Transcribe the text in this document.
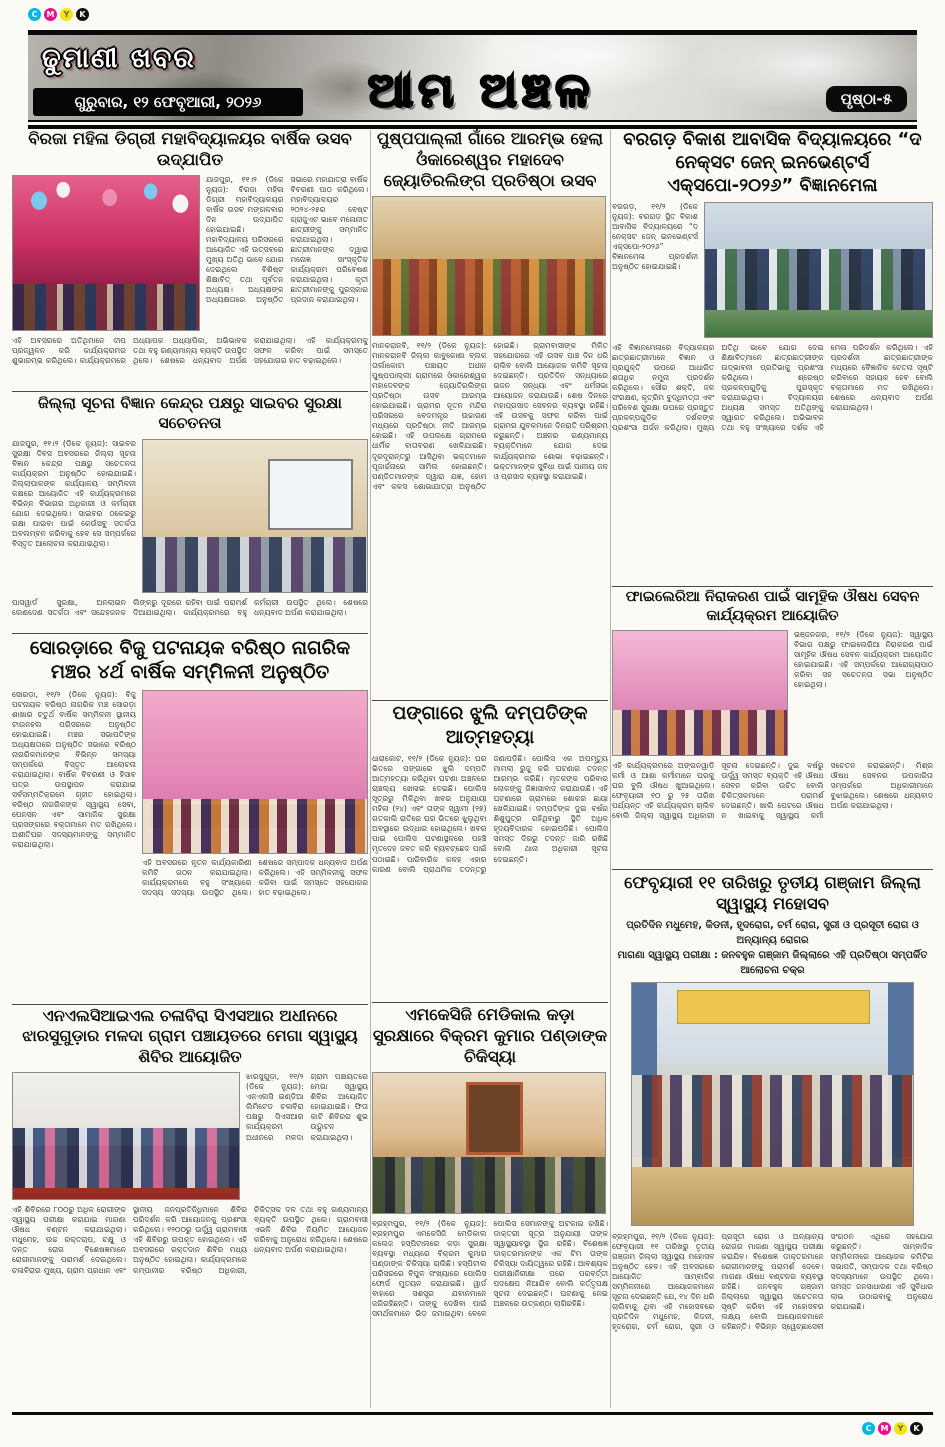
C	M	Y	K
ଢୁମାଣୀ ଖବର
ଗୁରୁବାର, ୧୨ ଫେବୃଆରୀ, ୨୦୨୬	ଆମ ଅଞ୍ଚଳ	ପୃଷ୍ଠା-୫
ବିରଜା ମହିଳା ଡିଗ୍ରୀ ମହାବିଦ୍ୟାଳୟର ବାର୍ଷିକ ଉସବ ଉଦ୍ଯାପିତ
ଯାଜପୁର, ୧୧।୨ (ଡିକେ ନ୍ୟୁଜ): ବିରଜା ମହିଳା ଡିଗ୍ରୀ ମହାବିଦ୍ୟାଳୟର ବାର୍ଷିକ ଉସବ ମଙ୍ଗଳବାର ଦିନ ଉଦ୍ଯାପିତ ହୋଇଯାଇଛି। ମହାବିଦ୍ୟାଳୟ ପରିସରରେ ଆୟୋଜିତ ଏହି ଉତ୍ସବରେ ମୁଖ୍ୟ ଅତିଥି ଭାବେ ଯୋଗ ଦେଇଥିଲେ ବିଶିଷ୍ଟ ଶିକ୍ଷାବିତ୍ ତଥା ପୂର୍ବତନ ଅଧ୍ୟକ୍ଷ। ଅଧ୍ୟକ୍ଷଙ୍କ ଅଧ୍ୟକ୍ଷତାରେ ଅନୁଷ୍ଠିତ ସଭାରେ ମହାଯାତ୍ରା ବାର୍ଷିକ ବିବରଣୀ ପାଠ କରିଥିଲେ। ମହାବିଦ୍ୟାଳୟର ୨୦୨୪-୨୫ର ବେଷ୍ଟ ଗ୍ରାଜୁଏଟ ଭାବେ ମନୋନୀତ ଛାତ୍ରୀଙ୍କୁ ସମ୍ମାନିତ କରାଯାଇଥିଲା। ଛାତ୍ରୀମାନଙ୍କ ଦ୍ୱାରା ମନୋଜ୍ଞ ସାଂସ୍କୃତିକ କାର୍ଯ୍ୟକ୍ରମ ପରିବେଷଣ କରାଯାଇଥିଲା। କୃତୀ ଛାତ୍ରୀମାନଙ୍କୁ ପୁରସ୍କାର ପ୍ରଦାନ କରାଯାଇଥିଲା।
ଏହି ଅବସରରେ ଅତିଥିମାନେ ଦୀପ ପ୍ରଜ୍ୱଳନ କରି କାର୍ଯ୍ୟକ୍ରମର ଶୁଭାରମ୍ଭ କରିଥିଲେ। କାର୍ଯ୍ୟକ୍ରମରେ ଅଧ୍ୟାପକ ଅଧ୍ୟାପିକା, ଅଭିଭାବକ ତଥା ବହୁ ଗଣ୍ୟମାନ୍ୟ ବ୍ୟକ୍ତି ଉପସ୍ଥିତ ଥିଲେ। ଶେଷରେ ଧନ୍ୟବାଦ ଅର୍ପଣ କରାଯାଇଥିଲା। ଏହି କାର୍ଯ୍ୟକ୍ରମକୁ ସଫଳ କରିବା ପାଇଁ ସମସ୍ତେ ସହଯୋଗର ହାତ ବଢ଼ାଇଥିଲେ।
ଜିଲ୍ଲା ସୂଚନା ବିଜ୍ଞାନ କେନ୍ଦ୍ର ପକ୍ଷରୁ ସାଇବର ସୁରକ୍ଷା ସଚେତନତା
ଯାଜପୁର, ୧୧।୨ (ଡିକେ ନ୍ୟୁଜ): ସାଇବର ସୁରକ୍ଷା ଦିବସ ଅବସରରେ ଜିଲ୍ଲା ସୂଚନା ବିଜ୍ଞାନ କେନ୍ଦ୍ର ପକ୍ଷରୁ ସଚେତନତା କାର୍ଯ୍ୟକ୍ରମ ଅନୁଷ୍ଠିତ ହୋଇଯାଇଛି। ଜିଲ୍ଲାପାଳଙ୍କ କାର୍ଯ୍ୟାଳୟ ସମ୍ମିଳନୀ କକ୍ଷରେ ଆୟୋଜିତ ଏହି କାର୍ଯ୍ୟକ୍ରମରେ ବିଭିନ୍ନ ବିଭାଗର ଅଧିକାରୀ ଓ କର୍ମଚାରୀ ଯୋଗ ଦେଇଥିଲେ। ସାଇବର ଠକେଇରୁ ରକ୍ଷା ପାଇବା ପାଇଁ କେଉଁସବୁ ସତର୍କତା ଅବଲମ୍ବନ କରିବାକୁ ହେବ ସେ ସମ୍ପର୍କରେ ବିସ୍ତୃତ ଆଲୋଚନା କରାଯାଇଥିଲା।
ପାସୱାର୍ଡ ସୁରକ୍ଷା, ଅନଲାଇନ ଲେଣଦେଣ ସତର୍କତା ଏବଂ ସନ୍ଦେହଜନକ ଲିଙ୍କରୁ ଦୂରରେ ରହିବା ପାଇଁ ପରାମର୍ଶ ଦିଆଯାଇଥିଲା। କାର୍ଯ୍ୟକ୍ରମରେ ବହୁ କର୍ମଚାରୀ ଉପସ୍ଥିତ ଥିଲେ। ଶେଷରେ ଧନ୍ୟବାଦ ଅର୍ପଣ କରାଯାଇଥିଲା।
ସୋରଡ଼ାରେ ବିଜୁ ପଟନାୟକ ବରିଷ୍ଠ ନାଗରିକ ମଞ୍ଚର ୪ର୍ଥ ବାର୍ଷିକ ସମ୍ମିଳନୀ ଅନୁଷ୍ଠିତ
ସୋରଡ଼ା, ୧୧/୨ (ଡିକେ ନ୍ୟୁଜ): ବିଜୁ ପଟନାୟକ ବରିଷ୍ଠ ନାଗରିକ ମଞ୍ଚ ସୋରଡ଼ା ଶାଖାର ଚତୁର୍ଥ ବାର୍ଷିକ ସମ୍ମିଳନୀ ସ୍ଥାନୀୟ ଟାଉନହଲ ପରିସରରେ ଅନୁଷ୍ଠିତ ହୋଇଯାଇଛି। ମଞ୍ଚର ସଭାପତିଙ୍କ ଅଧ୍ୟକ୍ଷତାରେ ଅନୁଷ୍ଠିତ ସଭାରେ ବରିଷ୍ଠ ନାଗରିକମାନଙ୍କ ବିଭିନ୍ନ ସମସ୍ୟା ସମ୍ପର୍କରେ ବିସ୍ତୃତ ଆଲୋଚନା କରାଯାଇଥିଲା। ବାର୍ଷିକ ବିବରଣୀ ଓ ହିସାବ ପତ୍ର ଉପସ୍ଥାପନ କରାଯାଇ ସର୍ବସମ୍ମତିକ୍ରମେ ଗୃହୀତ ହୋଇଥିଲା। ବରିଷ୍ଠ ନାଗରିକଙ୍କ ସ୍ୱାସ୍ଥ୍ୟ ସେବା, ପେନସନ ଏବଂ ସାମାଜିକ ସୁରକ୍ଷା ପ୍ରସଙ୍ଗରେ ବକ୍ତାମାନେ ମତ ରଖିଥିଲେ। ଅଶୀତିପର ସଦସ୍ୟମାନଙ୍କୁ ସମ୍ମାନିତ କରାଯାଇଥିଲା।
ଏହି ଅବସରରେ ନୂତନ କାର୍ଯ୍ୟକାରିଣୀ କମିଟି ଗଠନ କରାଯାଇଥିଲା। କାର୍ଯ୍ୟକ୍ରମରେ ବହୁ ସଂଖ୍ୟାରେ ସଦସ୍ୟ ସଦସ୍ୟା ଉପସ୍ଥିତ ଥିଲେ। ଶେଷରେ ସମ୍ପାଦକ ଧନ୍ୟବାଦ ଅର୍ପଣ କରିଥିଲେ। ଏହି ସମ୍ମିଳନୀକୁ ସଫଳ କରିବା ପାଇଁ ସମସ୍ତେ ସହଯୋଗର ହାତ ବଢ଼ାଇଥିଲେ।
ଏନଏଲସିଆଇଏଲ ଚଳାବିରା ସିଏସଆର ଅଧୀନରେ ଝାରସୁଗୁଡ଼ାର ମଳଦା ଗ୍ରାମ ପଞ୍ଚାୟତରେ ମେଗା ସ୍ୱାସ୍ଥ୍ୟ ଶିବିର ଆୟୋଜିତ
ଝାରସୁଗୁଡ଼ା, ୧୧/୨ (ଡିକେ ନ୍ୟୁଜ): ଏନଏଲସି ଇଣ୍ଡିଆ ଲିମିଟେଡ ଚଳାବିରା ପକ୍ଷରୁ ସିଏସଆର କାର୍ଯ୍ୟକ୍ରମ ଅଧୀନରେ ମଳଦା ଗ୍ରାମ ପଞ୍ଚାୟତରେ ମେଗା ସ୍ୱାସ୍ଥ୍ୟ ଶିବିର ଆୟୋଜିତ ହୋଇଯାଇଛି। ଫିତା କାଟି ଶିବିରର ଶୁଭ ଉଦ୍ଘାଟନ କରାଯାଇଥିଲା।
ଏହି ଶିବିରରେ ୮୦୦ରୁ ଅଧିକ ରୋଗୀଙ୍କ ସ୍ୱାସ୍ଥ୍ୟ ପରୀକ୍ଷା କରାଯାଇ ମାଗଣା ଔଷଧ ବଣ୍ଟନ କରାଯାଇଥିଲା। ମଧୁମେହ, ଉଚ୍ଚ ରକ୍ତଚାପ, ଚକ୍ଷୁ ଓ ଦନ୍ତ ରୋଗ ବିଶେଷଜ୍ଞମାନେ ରୋଗୀମାନଙ୍କୁ ପରାମର୍ଶ ଦେଇଥିଲେ। ଚଳାବିରାର ମୁଖ୍ୟ, ଗ୍ରାମ ପ୍ରଧାନ ଏବଂ ସ୍ଥାନୀୟ ଜନପ୍ରତିନିଧିମାନେ ଶିବିର ପରିଦର୍ଶନ କରି ଆୟୋଜନକୁ ପ୍ରଶଂସା କରିଥିଲେ। ୧୨୦୦ରୁ ଊର୍ଦ୍ଧ୍ୱ ଗ୍ରାମବାସୀ ଏହି ଶିବିରରୁ ଉପକୃତ ହୋଇଥିଲେ। ଏହି ଅବସରରେ ରକ୍ତଦାନ ଶିବିର ମଧ୍ୟ ଅନୁଷ୍ଠିତ ହୋଇଥିଲା। କାର୍ଯ୍ୟକ୍ରମରେ କମ୍ପାନୀର ବରିଷ୍ଠ ଅଧିକାରୀ, ଚିକିତ୍ସକ ଦଳ ତଥା ବହୁ ଗଣ୍ୟମାନ୍ୟ ବ୍ୟକ୍ତି ଉପସ୍ଥିତ ଥିଲେ। ଗ୍ରାମବାସୀ ଏଭଳି ଶିବିର ନିୟମିତ ଆୟୋଜନ କରିବାକୁ ଅନୁରୋଧ କରିଥିଲେ। ଶେଷରେ ଧନ୍ୟବାଦ ଅର୍ପଣ କରାଯାଇଥିଲା।
ପୁଷ୍ପପାଲ୍ଲୀ ଗାଁରେ ଆରମ୍ଭ ହେଲା ଓଁକାରେଶ୍ୱର ମହାଦେବ ଜ୍ୟୋତିରଲିଙ୍ଗ ପ୍ରତିଷ୍ଠା ଉସବ
ମାନକରାନବି, ୧୧/୨ (ଡିକେ ନ୍ୟୁଜ): ମାନକରାନବି ଜିଲ୍ଲା କାବୁକୋଣା ବ୍ଲକ ତାର୍ଲାକୋଟା ପଞ୍ଚାୟତ ଅଧୀନ ପୁଷ୍ପପାଲ୍ଲୀ ଗ୍ରାମରେ ଓଁକାରେଶ୍ୱର ମହାଦେବଙ୍କ ଜ୍ୟୋତିରଲିଙ୍ଗ ପ୍ରତିଷ୍ଠା ଉସବ ଆରମ୍ଭ ହୋଇଯାଇଛି। ଗ୍ରାମର ନୂତନ ମନ୍ଦିର ପରିସରରେ ବେଦମନ୍ତ୍ର ଉଚ୍ଚାରଣ ମଧ୍ୟରେ ପ୍ରତିଷ୍ଠା ନୀତି ଆରମ୍ଭ ହୋଇଛି। ଏହି ଉପଲକ୍ଷେ ଗ୍ରାମରେ ଧାର୍ମିକ ବାତାବରଣ ଖେଳିଯାଇଛି। ଦୂରଦୂରାନ୍ତରୁ ଆସିଥିବା ଭକ୍ତମାନେ ପୂଜାର୍ଚ୍ଚନାରେ ସାମିଲ ହୋଇଛନ୍ତି। ପଣ୍ଡିତମାନଙ୍କ ଦ୍ୱାରା ଯଜ୍ଞ, ହୋମ ଏବଂ କଳସ ଶୋଭାଯାତ୍ରା ଅନୁଷ୍ଠିତ ହୋଇଛି। ଗ୍ରାମବାସୀଙ୍କ ମିଳିତ ସହଯୋଗରେ ଏହି ଉସବ ପାଞ୍ଚ ଦିନ ଧରି ଚାଲିବ ବୋଲି ଆୟୋଜକ କମିଟି ସୂଚନା ଦେଇଛନ୍ତି। ପ୍ରତିଦିନ ସନ୍ଧ୍ୟାରେ ଭଜନ ସନ୍ଧ୍ୟା ଏବଂ ଧର୍ମସଭା ଆୟୋଜନ କରାଯାଉଛି। ଶେଷ ଦିନରେ ମହାପ୍ରସାଦ ସେବନର ବ୍ୟବସ୍ଥା ରହିଛି। ଏହି ଉସବକୁ ସଫଳ କରିବା ପାଇଁ ଗ୍ରାମର ଯୁବକମାନେ ଦିନରାତି ପରିଶ୍ରମ କରୁଛନ୍ତି। ଅଞ୍ଚଳର ଗଣ୍ୟମାନ୍ୟ ବ୍ୟକ୍ତିମାନେ ଯୋଗ ଦେଇ କାର୍ଯ୍ୟକ୍ରମର ଶୋଭା ବଢ଼ାଇଛନ୍ତି। ଭକ୍ତମାନଙ୍କ ସୁବିଧା ପାଇଁ ପାନୀୟ ଜଳ ଓ ପ୍ରସାଦ ବ୍ୟବସ୍ଥା କରାଯାଇଛି।
ପଙ୍ଗାରେ ଝୁଲି ଦମ୍ପତିଙ୍କ ଆତ୍ମହତ୍ୟା
ଧାରାକୋଟ, ୧୧/୨ (ଡିକେ ନ୍ୟୁଜ): ଘର ଭିତରେ ପଙ୍ଗାରେ ଝୁଲି ଦମ୍ପତି ଆତ୍ମହତ୍ୟା କରିଥିବା ଘଟଣା ଅଞ୍ଚଳରେ ଚାଞ୍ଚଲ୍ୟ ଖେଳାଇ ଦେଇଛି। ପୋଲିସ ସୂତ୍ରରୁ ମିଳିଥିବା ଖବର ଅନୁଯାୟୀ ମହିଳା (୨୪) ଏବଂ ତାଙ୍କ ସ୍ୱାମୀ (୨୭) ଗତକାଲି ରାତିରେ ଘର ଭିତରେ ଝୁଲୁଥିବା ଅବସ୍ଥାରେ ଉଦ୍ଧାର ହୋଇଥିଲେ। ଖବର ପାଇ ପୋଲିସ ଘଟଣାସ୍ଥଳରେ ପହଞ୍ଚି ମୃତଦେହ ଜବତ କରି ବ୍ୟବଚ୍ଛେଦ ପାଇଁ ପଠାଇଛି। ପାରିବାରିକ କଳହ ଏହାର କାରଣ ବୋଲି ପ୍ରାଥମିକ ତଦନ୍ତରୁ ଜଣାପଡ଼ିଛି। ପୋଲିସ ଏକ ଅପମୃତ୍ୟୁ ମାମଲା ରୁଜୁ କରି ଘଟଣାର ତଦନ୍ତ ଆରମ୍ଭ କରିଛି। ମୃତକଙ୍କ ପରିବାର ଲୋକଙ୍କୁ ଜିଜ୍ଞାସାବାଦ କରାଯାଉଛି। ଏହି ଘଟଣାରେ ଗ୍ରାମରେ ଶୋକର ଛାୟା ଖେଳିଯାଇଛି। ଦମ୍ପତିଙ୍କ ଦୁଇ ବର୍ଷର ଶିଶୁପୁତ୍ର ରହିଥିବାରୁ ସ୍ଥିତି ଅଧିକ ହୃଦୟବିଦାରକ ହୋଇପଡ଼ିଛି। ପୋଲିସ ସମସ୍ତ ଦିଗରୁ ତଦନ୍ତ ଜାରି ରଖିଛି ବୋଲି ଥାନା ଅଧିକାରୀ ସୂଚନା ଦେଇଛନ୍ତି।
ଏମକେସିଜି ମେଡିକାଲ କଡ଼ା ସୁରକ୍ଷାରେ ବିକ୍ରମ କୁମାର ପଣ୍ଡାଙ୍କ ଚିକିସ୍ୟା
ବ୍ରହ୍ମପୁର, ୧୧/୨ (ଡିକେ ନ୍ୟୁଜ): ବ୍ରହ୍ମପୁର ଏମକେସିଜି ମେଡିକାଲ କଲେଜ ହସ୍ପିଟାଲରେ କଡ଼ା ସୁରକ୍ଷା ବ୍ୟବସ୍ଥା ମଧ୍ୟରେ ବିକ୍ରମ କୁମାର ପଣ୍ଡାଙ୍କ ଚିକିସ୍ୟା ଚାଲିଛି। ହସ୍ପିଟାଲ ପରିସରରେ ବିପୁଳ ସଂଖ୍ୟାରେ ପୋଲିସ ଫୋର୍ସ ମୁତୟନ କରାଯାଇଛି। ୱାର୍ଡ ବାହାରେ ସଶସ୍ତ୍ର ଯବାନମାନେ ଜଗିରହିଛନ୍ତି। ତାଙ୍କୁ ଦେଖିବା ପାଇଁ ସମର୍ଥକମାନେ ଭିଡ଼ ଜମାଇଥିବା ବେଳେ ପୋଲିସ ସେମାନଙ୍କୁ ଅଟକାଇ ରଖିଛି। ଡାକ୍ତରୀ ସୂତ୍ର ଅନୁଯାୟୀ ତାଙ୍କ ସ୍ୱାସ୍ଥ୍ୟାବସ୍ଥା ସ୍ଥିର ରହିଛି। ବିଶେଷଜ୍ଞ ଡାକ୍ତରମାନଙ୍କ ଏକ ଟିମ ତାଙ୍କ ଚିକିସ୍ୟା ଦାୟିତ୍ୱରେ ରହିଛି। ଆବଶ୍ୟକ ପରୀକ୍ଷାନିରୀକ୍ଷା ପରେ ପରବର୍ତ୍ତୀ ପଦକ୍ଷେପ ନିଆଯିବ ବୋଲି କର୍ତ୍ତୃପକ୍ଷ ସୂଚନା ଦେଇଛନ୍ତି। ଘଟଣାକୁ ନେଇ ଅଞ୍ଚଳରେ ଉତ୍କଣ୍ଠା ଲାଗିରହିଛି।
ବରଗଡ଼ ବିକାଶ ଆବାସିକ ବିଦ୍ୟାଳୟରେ “ଦ ନେକ୍ସଟ ଜେନ୍ ଇନଭେଣ୍ଟର୍ସ ଏକ୍ସପୋ-୨୦୨୬” ବିଜ୍ଞାନମେଳା
ବରଗଡ଼, ୧୧/୨ (ଡିକେ ନ୍ୟୁଜ): ବରଗଡ଼ ସ୍ଥିତ ବିକାଶ ଆବାସିକ ବିଦ୍ୟାଳୟରେ “ଦ ନେକ୍ସଟ ଜେନ୍ ଇନଭେଣ୍ଟର୍ସ ଏକ୍ସପୋ-୨୦୨୬” ବିଜ୍ଞାନମେଳା ପ୍ରଦର୍ଶନୀ ଅନୁଷ୍ଠିତ ହୋଇଯାଇଛି।
ଏହି ବିଜ୍ଞାନମେଳାରେ ବିଦ୍ୟାଳୟର ଛାତ୍ରଛାତ୍ରୀମାନେ ବିଜ୍ଞାନ ଓ ପ୍ରଯୁକ୍ତି ଉପରେ ଆଧାରିତ ଶତାଧିକ ନମୁନା ପ୍ରଦର୍ଶନ କରିଥିଲେ। ସୌର ଶକ୍ତି, ଜଳ ସଂରକ୍ଷଣ, କୃତ୍ରିମ ବୁଦ୍ଧିମତ୍ତା ଏବଂ ପରିବେଶ ସୁରକ୍ଷା ଉପରେ ପ୍ରସ୍ତୁତ ପ୍ରକଳ୍ପଗୁଡ଼ିକ ଦର୍ଶକଙ୍କ ପ୍ରଶଂସା ଅର୍ଜନ କରିଥିଲା। ମୁଖ୍ୟ ଅତିଥି ଭାବେ ଯୋଗ ଦେଇ ଶିକ୍ଷାବିତ୍ମାନେ ଛାତ୍ରଛାତ୍ରୀଙ୍କ ଉଦ୍ଭାବନୀ ପ୍ରତିଭାକୁ ପ୍ରଶଂସା କରିଥିଲେ। ଶ୍ରେଷ୍ଠ ପ୍ରକଳ୍ପଗୁଡ଼ିକୁ ପୁରସ୍କୃତ କରାଯାଇଥିଲା। ବିଦ୍ୟାଳୟର ଅଧ୍ୟକ୍ଷ ସମସ୍ତ ଅତିଥିଙ୍କୁ ସ୍ୱାଗତ କରିଥିଲେ। ଅଭିଭାବକ ତଥା ବହୁ ସଂଖ୍ୟାରେ ଦର୍ଶକ ଏହି ମେଳା ପରିଦର୍ଶନ କରିଥିଲେ। ଏହି ପ୍ରଦର୍ଶନୀ ଛାତ୍ରଛାତ୍ରୀଙ୍କ ମଧ୍ୟରେ ବୈଜ୍ଞାନିକ ଚେତନା ସୃଷ୍ଟି କରିବାରେ ସହାୟକ ହେବ ବୋଲି ବକ୍ତାମାନେ ମତ ରଖିଥିଲେ। ଶେଷରେ ଧନ୍ୟବାଦ ଅର୍ପଣ କରାଯାଇଥିଲା।
ଫାଇଲେରିଆ ନିରାକରଣ ପାଇଁ ସାମୂହିକ ଔଷଧ ସେବନ କାର୍ଯ୍ୟକ୍ରମ ଆୟୋଜିତ
ଭଞ୍ଜନଗର, ୧୧/୨ (ଡିକେ ନ୍ୟୁଜ): ସ୍ୱାସ୍ଥ୍ୟ ବିଭାଗ ପକ୍ଷରୁ ଫାଇଲେରିଆ ନିରାକରଣ ପାଇଁ ସାମୂହିକ ଔଷଧ ସେବନ କାର୍ଯ୍ୟକ୍ରମ ଆୟୋଜିତ ହୋଇଯାଇଛି। ଏହି ସମ୍ପର୍କରେ ଆରୋଗ୍ୟପାଠ କରିବା ସହ ସଚେତନତା ସଭା ଅନୁଷ୍ଠିତ ହୋଇଥିଲା।
ଏହି କାର୍ଯ୍ୟକ୍ରମରେ ଅଙ୍ଗନୱାଡ଼ି କର୍ମୀ ଓ ଆଶା କର୍ମୀମାନେ ଘରକୁ ଘର ବୁଲି ଔଷଧ ଖୁଆଇଥିଲେ। ଫେବୃୟାରୀ ୧୦ ରୁ ୨୫ ତାରିଖ ପର୍ଯ୍ୟନ୍ତ ଏହି କାର୍ଯ୍ୟକ୍ରମ ଚାଲିବ ବୋଲି ଜିଲ୍ଲା ସ୍ୱାସ୍ଥ୍ୟ ଅଧିକାରୀ ସୂଚନା ଦେଇଛନ୍ତି। ଦୁଇ ବର୍ଷରୁ ଊର୍ଦ୍ଧ୍ୱ ସମସ୍ତ ବ୍ୟକ୍ତି ଏହି ଔଷଧ ସେବନ କରିବା ଉଚିତ ବୋଲି ଚିକିତ୍ସକମାନେ ପରାମର୍ଶ ଦେଇଛନ୍ତି। ଖାଲି ପେଟରେ ଔଷଧ ନ ଖାଇବାକୁ ସ୍ୱାସ୍ଥ୍ୟ କର୍ମୀ ସଚେତନ କରାଇଛନ୍ତି। ମିଶ୍ର ଔଷଧ ସେବନର ଉପକାରିତା ସମ୍ପର୍କରେ ଅଧିକାରୀମାନେ ବୁଝାଇଥିଲେ। ଶେଷରେ ଧନ୍ୟବାଦ ଅର୍ପଣ କରାଯାଇଥିଲା।
ଫେବୃୟାରୀ ୧୧ ତାରିଖରୁ ତୃତୀୟ ଗଞ୍ଜାମ ଜିଲ୍ଲା ସ୍ୱାସ୍ଥ୍ୟ ମହୋସବ
ପ୍ରତିଦିନ ମଧୁମେହ, କିଡନୀ, ହୃଦରୋଗ, ଚର୍ମ ରୋଗ, ସ୍ତ୍ରୀ ଓ ପ୍ରସୂତୀ ରୋଗ ଓ ଅନ୍ୟାନ୍ୟ ରୋଗର
ମାଗଣା ସ୍ୱାସ୍ଥ୍ୟ ପରୀକ୍ଷା : ଜନବହୁଳ ଗଞ୍ଜାମ ଜିଲ୍ଲାରେ ଏହି ପ୍ରତିଷ୍ଠା ସମ୍ପର୍କିତ ଆଲୋଚନା ଚକ୍ର
ବ୍ରହ୍ମପୁର, ୧୧/୨ (ଡିକେ ନ୍ୟୁଜ): ଫେବୃୟାରୀ ୧୧ ତାରିଖରୁ ତୃତୀୟ ଗଞ୍ଜାମ ଜିଲ୍ଲା ସ୍ୱାସ୍ଥ୍ୟ ମହୋସବ ଅନୁଷ୍ଠିତ ହେବ। ଏହି ଅବସରରେ ଆୟୋଜିତ ସାମ୍ବାଦିକ ସମ୍ମିଳନୀରେ ଆୟୋଜକମାନେ ସୂଚନା ଦେଇଛନ୍ତି ଯେ, ୧୪ ଦିନ ଧରି ଚାଲିବାକୁ ଥିବା ଏହି ମହୋସବରେ ପ୍ରତିଦିନ ମଧୁମେହ, କିଡନୀ, ହୃଦରୋଗ, ଚର୍ମ ରୋଗ, ସ୍ତ୍ରୀ ଓ ପ୍ରସୂତୀ ରୋଗ ଓ ଅନ୍ୟାନ୍ୟ ରୋଗର ମାଗଣା ସ୍ୱାସ୍ଥ୍ୟ ପରୀକ୍ଷା କରାଯିବ। ବିଶେଷଜ୍ଞ ଡାକ୍ତରମାନେ ରୋଗୀମାନଙ୍କୁ ପରାମର୍ଶ ଦେବେ। ମାଗଣା ଔଷଧ ବଣ୍ଟନର ବ୍ୟବସ୍ଥା ରହିଛି। ଜନବହୁଳ ଗଞ୍ଜାମ ଜିଲ୍ଲାରେ ସ୍ୱାସ୍ଥ୍ୟ ସଚେତନତା ସୃଷ୍ଟି କରିବା ଏହି ମହୋସବର ଲକ୍ଷ୍ୟ ବୋଲି ଆୟୋଜକମାନେ କହିଛନ୍ତି। ବିଭିନ୍ନ ସ୍ୱେଚ୍ଛାସେବୀ ସଂଗଠନ ଏଥିରେ ସହଯୋଗ କରୁଛନ୍ତି। ସାମ୍ବାଦିକ ସମ୍ମିଳନୀରେ ଆୟୋଜକ କମିଟିର ସଭାପତି, ସମ୍ପାଦକ ତଥା ବରିଷ୍ଠ ସଦସ୍ୟମାନେ ଉପସ୍ଥିତ ଥିଲେ। ସମସ୍ତ ଜନସାଧାରଣ ଏହି ସୁବିଧାର ଲାଭ ଉଠାଇବାକୁ ଅନୁରୋଧ କରାଯାଇଛି।
C	M	Y	K
